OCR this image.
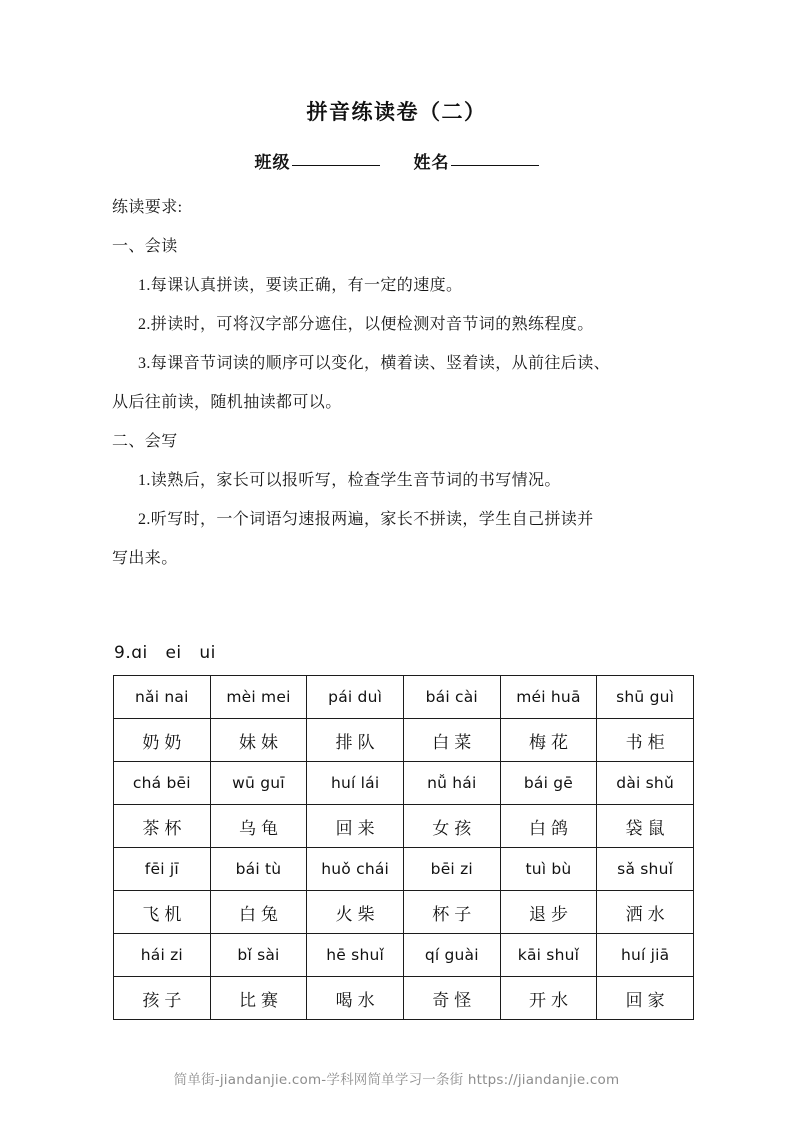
拼音练读卷（二）
班级	姓名

练读要求:

一、会读

1.每课认真拼读，要读正确，有一定的速度。

2.拼读时，可将汉字部分遮住，以便检测对音节词的熟练程度。

3.每课音节词读的顺序可以变化，横着读、竖着读，从前往后读、

从后往前读，随机抽读都可以。

二、会写

1.读熟后，家长可以报听写，检查学生音节词的书写情况。

2.听写时，一个词语匀速报两遍，家长不拼读，学生自己拼读并

写出来。

9.ɑi   ei   ui
nǎi nai	mèi mei	pái duì	bái cài	méi huā	shū guì
奶奶	妹妹	排队	白菜	梅花	书柜
chá bēi	wū guī	huí lái	nǚ hái	bái gē	dài shǔ
茶杯	乌龟	回来	女孩	白鸽	袋鼠
fēi jī	bái tù	huǒ chái	bēi zi	tuì bù	sǎ shuǐ
飞机	白兔	火柴	杯子	退步	洒水
hái zi	bǐ sài	hē shuǐ	qí guài	kāi shuǐ	huí jiā
孩子	比赛	喝水	奇怪	开水	回家
简单街-jiandanjie.com-学科网简单学习一条街 https://jiandanjie.com
